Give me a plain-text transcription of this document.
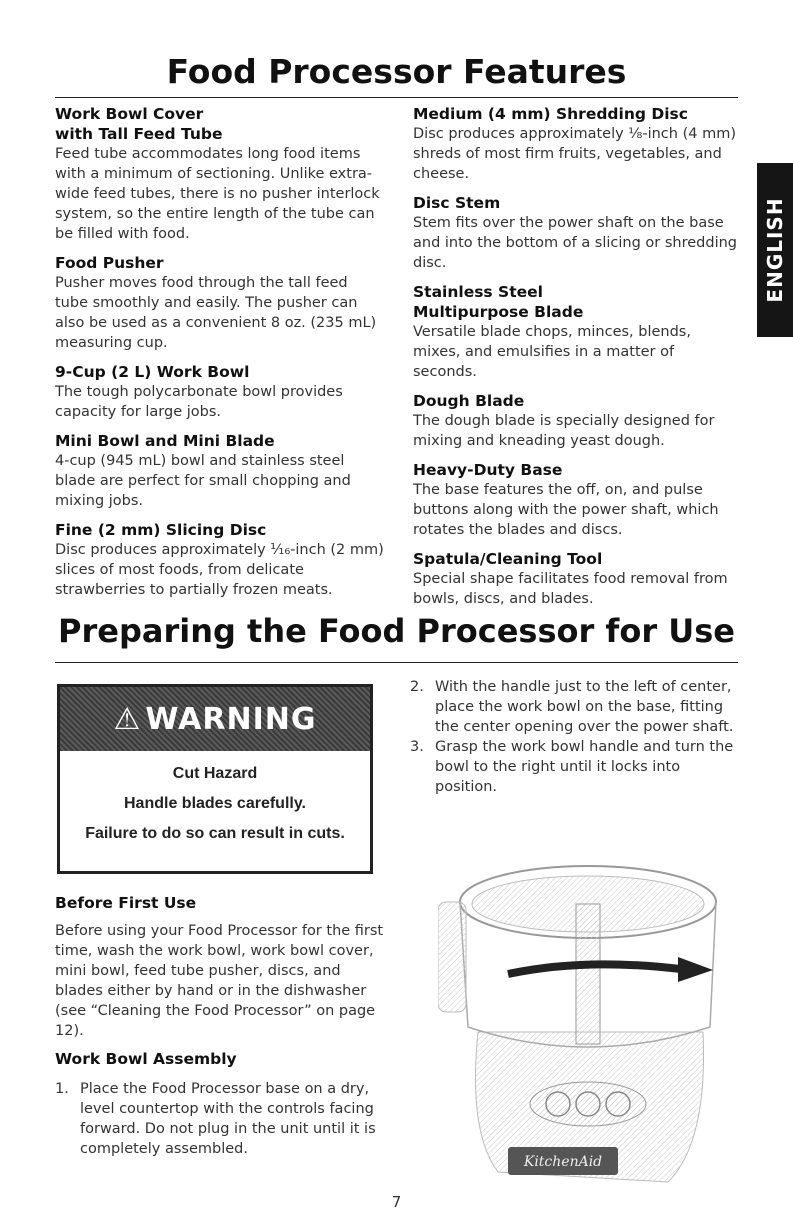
Food Processor Features
ENGLISH

Work Bowl Cover
with Tall Feed Tube

Feed tube accommodates long food items with a minimum of sectioning. Unlike extra-wide feed tubes, there is no pusher interlock system, so the entire length of the tube can be filled with food.

Food Pusher

Pusher moves food through the tall feed tube smoothly and easily. The pusher can also be used as a convenient 8 oz. (235 mL) measuring cup.

9-Cup (2 L) Work Bowl

The tough polycarbonate bowl provides capacity for large jobs.

Mini Bowl and Mini Blade

4-cup (945 mL) bowl and stainless steel blade are perfect for small chopping and mixing jobs.

Fine (2 mm) Slicing Disc

Disc produces approximately ¹⁄₁₆-inch (2 mm) slices of most foods, from delicate strawberries to partially frozen meats.

Medium (4 mm) Shredding Disc

Disc produces approximately ⅛-inch (4 mm) shreds of most firm fruits, vegetables, and cheese.

Disc Stem

Stem fits over the power shaft on the base and into the bottom of a slicing or shredding disc.

Stainless Steel
Multipurpose Blade

Versatile blade chops, minces, blends, mixes, and emulsifies in a matter of seconds.

Dough Blade

The dough blade is specially designed for mixing and kneading yeast dough.

Heavy-Duty Base

The base features the off, on, and pulse buttons along with the power shaft, which rotates the blades and discs.

Spatula/Cleaning Tool

Special shape facilitates food removal from bowls, discs, and blades.

Preparing the Food Processor for Use
⚠ WARNING
Cut Hazard
Handle blades carefully.
Failure to do so can result in cuts.

Before First Use

Before using your Food Processor for the first time, wash the work bowl, work bowl cover, mini bowl, feed tube pusher, discs, and blades either by hand or in the dishwasher (see “Cleaning the Food Processor” on page 12).

Work Bowl Assembly

1. Place the Food Processor base on a dry, level countertop with the controls facing forward. Do not plug in the unit until it is completely assembled.
2. With the handle just to the left of center, place the work bowl on the base, fitting the center opening over the power shaft.
3. Grasp the work bowl handle and turn the bowl to the right until it locks into position.
KitchenAid
7
